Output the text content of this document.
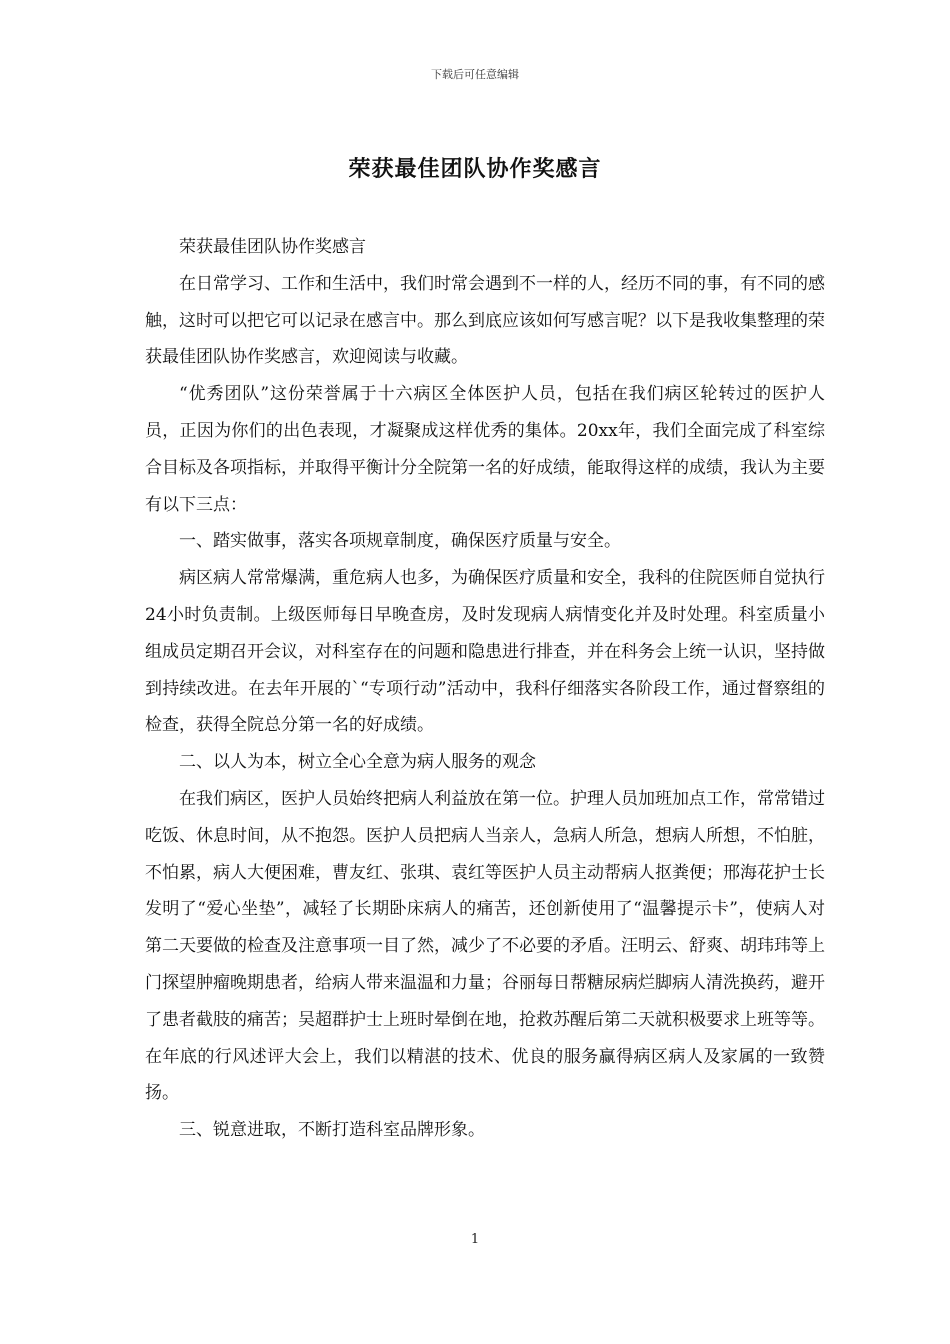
下载后可任意编辑
荣获最佳团队协作奖感言

荣获最佳团队协作奖感言

在日常学习、工作和生活中，我们时常会遇到不一样的人，经历不同的事，有不同的感触，这时可以把它可以记录在感言中。那么到底应该如何写感言呢？以下是我收集整理的荣获最佳团队协作奖感言，欢迎阅读与收藏。

“优秀团队”这份荣誉属于十六病区全体医护人员，包括在我们病区轮转过的医护人员，正因为你们的出色表现，才凝聚成这样优秀的集体。20xx年，我们全面完成了科室综合目标及各项指标，并取得平衡计分全院第一名的好成绩，能取得这样的成绩，我认为主要有以下三点：

一、踏实做事，落实各项规章制度，确保医疗质量与安全。

病区病人常常爆满，重危病人也多，为确保医疗质量和安全，我科的住院医师自觉执行24小时负责制。上级医师每日早晚查房，及时发现病人病情变化并及时处理。科室质量小组成员定期召开会议，对科室存在的问题和隐患进行排查，并在科务会上统一认识，坚持做到持续改进。在去年开展的`“专项行动”活动中，我科仔细落实各阶段工作，通过督察组的检查，获得全院总分第一名的好成绩。

二、以人为本，树立全心全意为病人服务的观念

在我们病区，医护人员始终把病人利益放在第一位。护理人员加班加点工作，常常错过吃饭、休息时间，从不抱怨。医护人员把病人当亲人，急病人所急，想病人所想，不怕脏，不怕累，病人大便困难，曹友红、张琪、袁红等医护人员主动帮病人抠粪便；邢海花护士长发明了“爱心坐垫”，减轻了长期卧床病人的痛苦，还创新使用了“温馨提示卡”，使病人对第二天要做的检查及注意事项一目了然，减少了不必要的矛盾。汪明云、舒爽、胡玮玮等上门探望肿瘤晚期患者，给病人带来温温和力量；谷丽每日帮糖尿病烂脚病人清洗换药，避开了患者截肢的痛苦；吴超群护士上班时晕倒在地，抢救苏醒后第二天就积极要求上班等等。在年底的行风述评大会上，我们以精湛的技术、优良的服务赢得病区病人及家属的一致赞扬。

三、锐意进取，不断打造科室品牌形象。

1
